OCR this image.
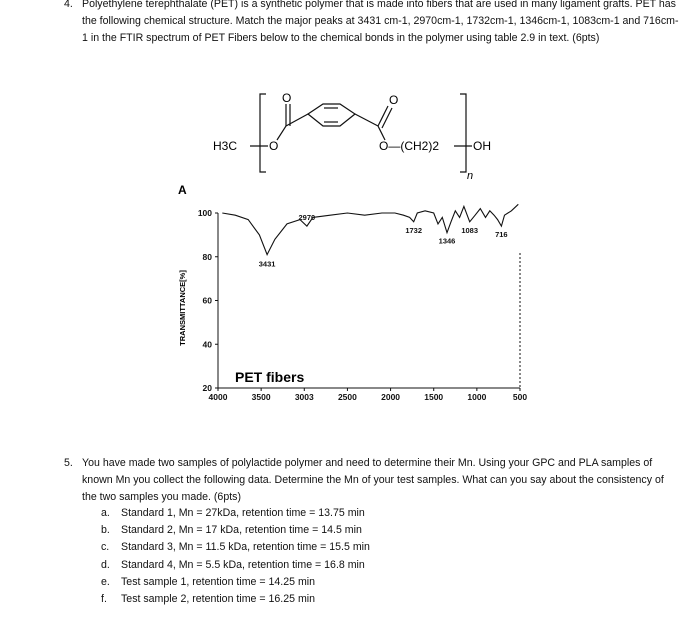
4. Polyethylene terephthalate (PET) is a synthetic polymer that is made into fibers that are used in many ligament grafts. PET has the following chemical structure. Match the major peaks at 3431 cm-1, 2970cm-1, 1732cm-1, 1346cm-1, 1083cm-1 and 716cm-1 in the FTIR spectrum of PET Fibers below to the chemical bonds in the polymer using table 2.9 in text. (6pts)
H3C	O
O	O
O—(CH2)2	OH
n
100
80
60
40
20
4000	3500	3003	2500	2000	1500	1000	500
3431
2970
1732
1346
1083 716
A
PET fibers
TRANSMITTANCE[%]
5. You have made two samples of polylactide polymer and need to determine their Mn. Using your GPC and PLA samples of known Mn you collect the following data. Determine the Mn of your test samples. What can you say about the consistency of the two samples you made. (6pts)
a. Standard 1, Mn = 27kDa, retention time = 13.75 min
b. Standard 2, Mn = 17 kDa, retention time = 14.5 min
c. Standard 3, Mn = 11.5 kDa, retention time = 15.5 min
d. Standard 4, Mn = 5.5 kDa, retention time = 16.8 min
e. Test sample 1, retention time = 14.25 min
f. Test sample 2, retention time = 16.25 min
